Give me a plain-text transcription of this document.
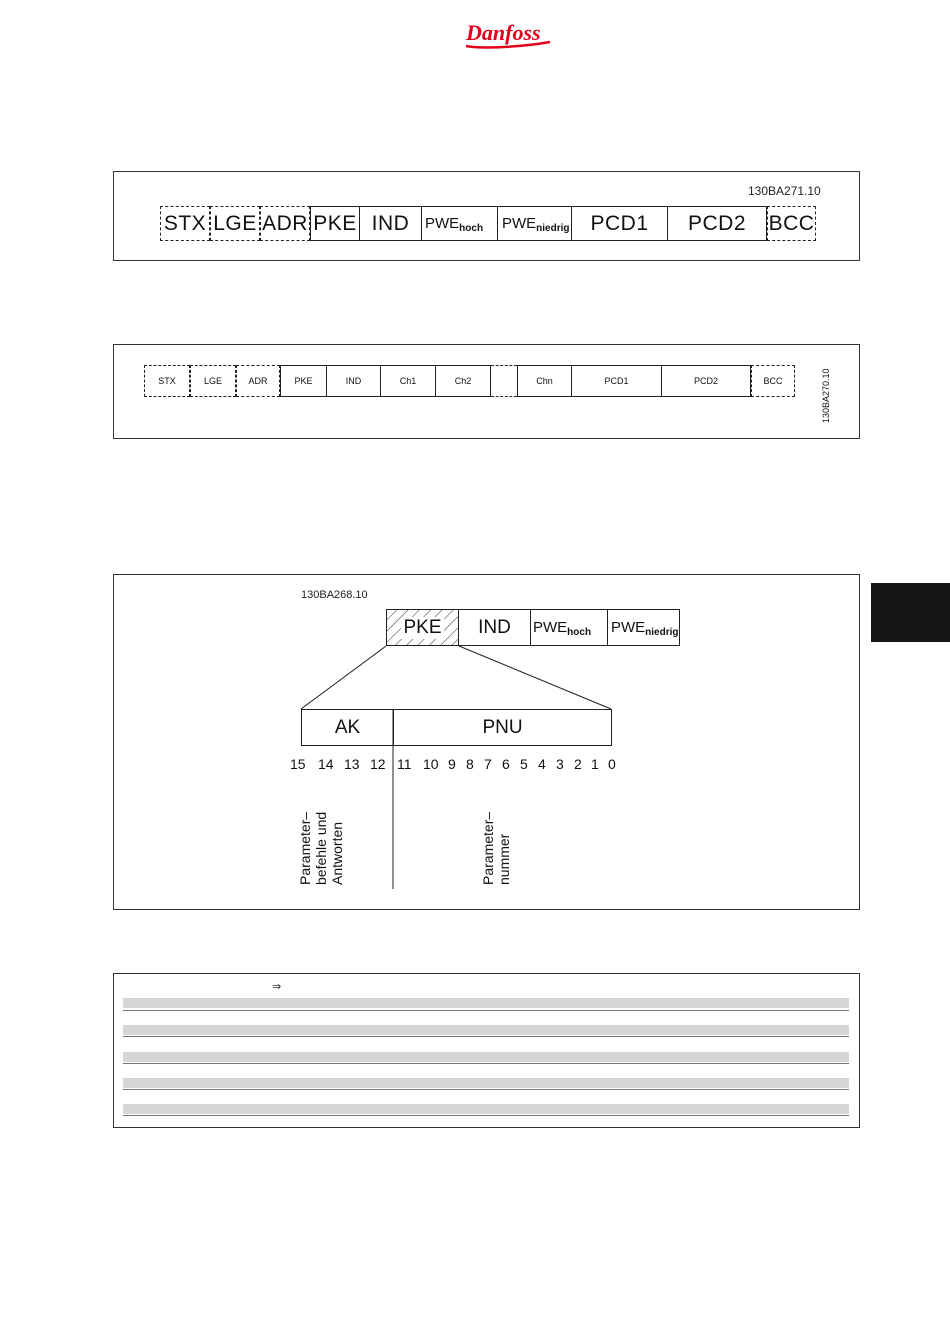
Danfoss
130BA271.10
STX LGE ADR PKE IND PWE hoch PWE niedrig PCD1 PCD2 BCC
STX	LGE	ADR	PKE	IND	Ch1	Ch2	Chn	PCD1	PCD2	BCC	130BA270.10
130BA268.10
PKE IND PWE hoch PWE niedrig
AK	PNU
15 14 13 12 11 10 9 8 7 6 5 4 3 2 1 0
Parameter– befehle und Antworten	Parameter– nummer
⇒
